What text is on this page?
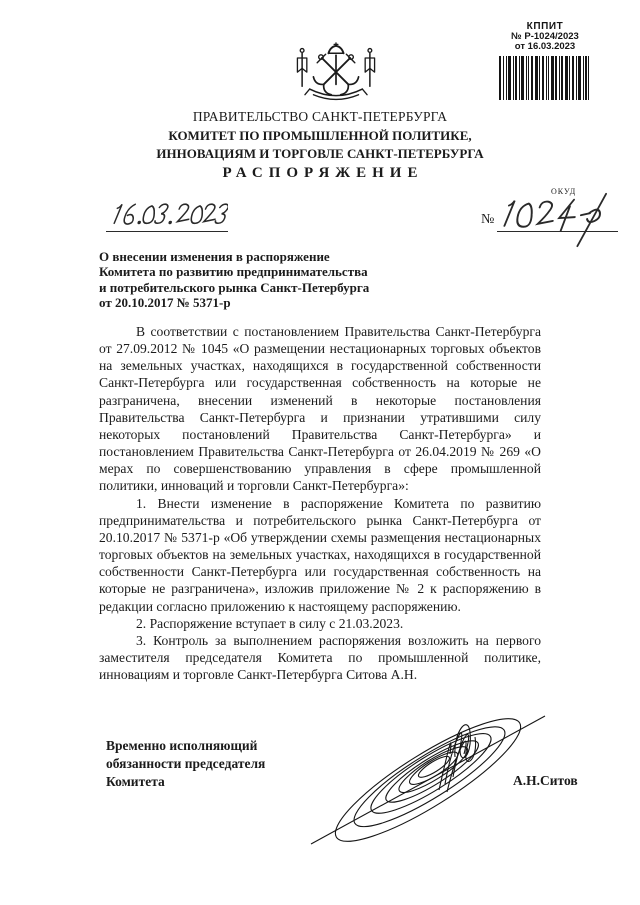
КППИТ
№ Р-1024/2023
от 16.03.2023
ПРАВИТЕЛЬСТВО САНКТ-ПЕТЕРБУРГА
КОМИТЕТ ПО ПРОМЫШЛЕННОЙ ПОЛИТИКЕ,
ИННОВАЦИЯМ И ТОРГОВЛЕ САНКТ-ПЕТЕРБУРГА
РАСПОРЯЖЕНИЕ
ОКУД
№
О внесении изменения в распоряжение
Комитета по развитию предпринимательства
и потребительского рынка Санкт-Петербурга
от 20.10.2017 № 5371-р

В соответствии с постановлением Правительства Санкт-Петербурга от 27.09.2012 № 1045 «О размещении нестационарных торговых объектов на земельных участках, находящихся в государственной собственности Санкт-Петербурга или государственная собственность на которые не разграничена, внесении изменений в некоторые постановления Правительства Санкт-Петербурга и признании утратившими силу некоторых постановлений Правительства Санкт-Петербурга» и постановлением Правительства Санкт-Петербурга от 26.04.2019 № 269 «О мерах по совершенствованию управления в сфере промышленной политики, инноваций и торговли Санкт-Петербурга»:

1. Внести изменение в распоряжение Комитета по развитию предпринимательства и потребительского рынка Санкт-Петербурга от 20.10.2017 № 5371-р «Об утверждении схемы размещения нестационарных торговых объектов на земельных участках, находящихся в государственной собственности Санкт-Петербурга или государственная собственность на которые не разграничена», изложив приложение № 2 к распоряжению в редакции согласно приложению к настоящему распоряжению.

2. Распоряжение вступает в силу с 21.03.2023.

3. Контроль за выполнением распоряжения возложить на первого заместителя председателя Комитета по промышленной политике, инновациям и торговле Санкт-Петербурга Ситова А.Н.

Временно исполняющий
обязанности председателя
Комитета	А.Н.Ситов
